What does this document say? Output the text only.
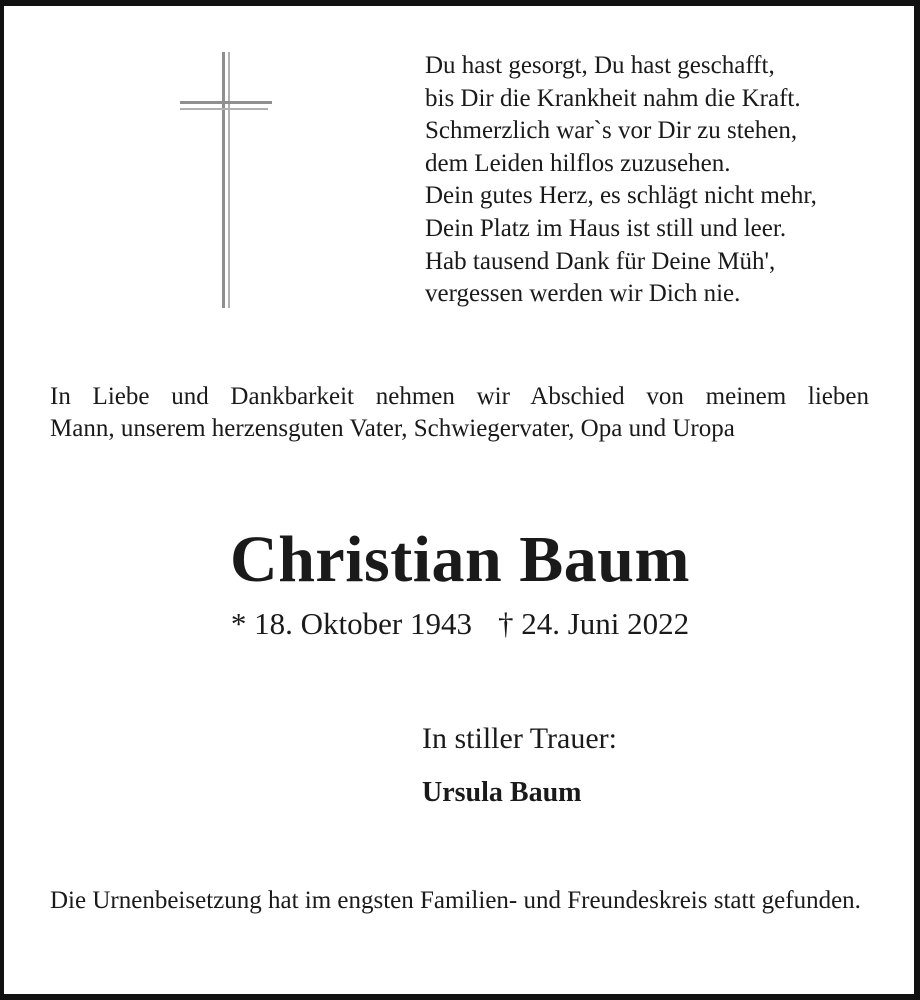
Du hast gesorgt, Du hast geschafft,
bis Dir die Krankheit nahm die Kraft.
Schmerzlich war`s vor Dir zu stehen,
dem Leiden hilflos zuzusehen.
Dein gutes Herz, es schlägt nicht mehr,
Dein Platz im Haus ist still und leer.
Hab tausend Dank für Deine Müh',
vergessen werden wir Dich nie.

In Liebe und Dankbarkeit nehmen wir Abschied von meinem lieben
Mann, unserem herzensguten Vater, Schwiegervater, Opa und Uropa

Christian Baum
* 18. Oktober 1943 † 24. Juni 2022
In stiller Trauer:
Ursula Baum

Die Urnenbeisetzung hat im engsten Familien- und Freundeskreis statt gefunden.
